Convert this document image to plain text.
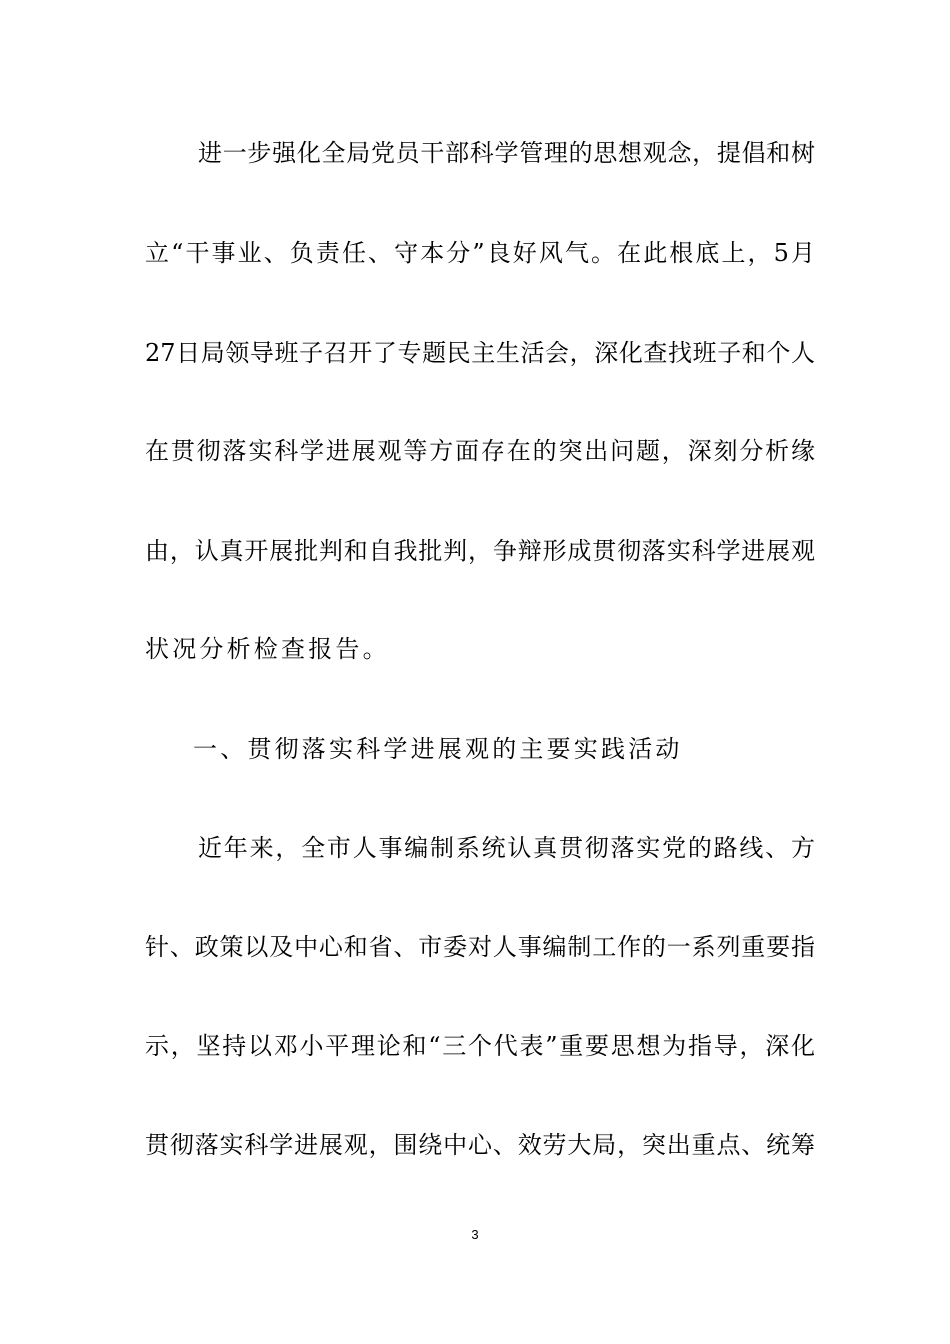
进一步强化全局党员干部科学管理的思想观念，提倡和树
立“干事业、负责任、守本分”良好风气。在此根底上，5月
27日局领导班子召开了专题民主生活会，深化查找班子和个人
在贯彻落实科学进展观等方面存在的突出问题，深刻分析缘
由，认真开展批判和自我批判，争辩形成贯彻落实科学进展观
状况分析检查报告。
一、贯彻落实科学进展观的主要实践活动
近年来，全市人事编制系统认真贯彻落实党的路线、方
针、政策以及中心和省、市委对人事编制工作的一系列重要指
示，坚持以邓小平理论和“三个代表”重要思想为指导，深化
贯彻落实科学进展观，围绕中心、效劳大局，突出重点、统筹
3
